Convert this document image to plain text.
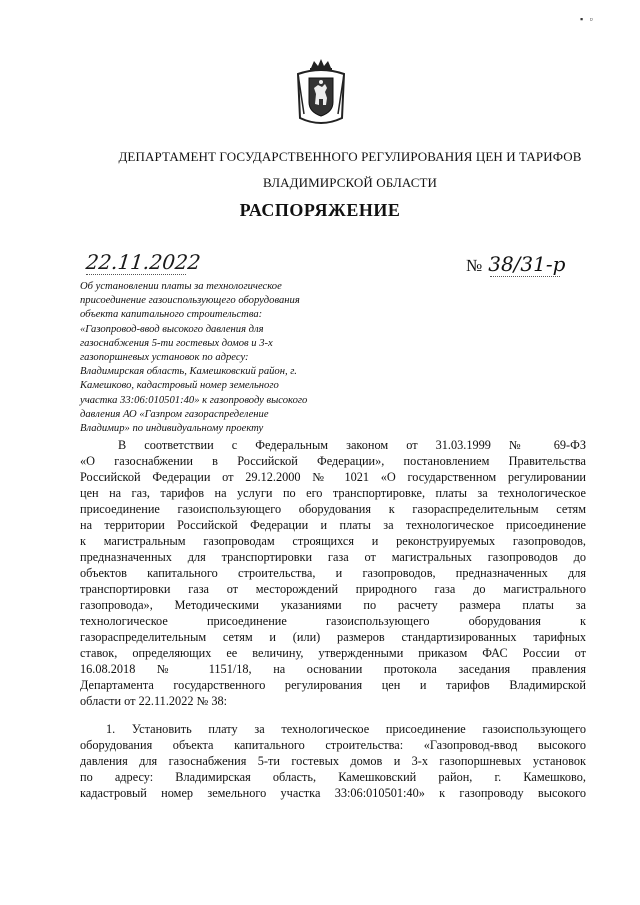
▪ ▫
ДЕПАРТАМЕНТ ГОСУДАРСТВЕННОГО РЕГУЛИРОВАНИЯ ЦЕН И ТАРИФОВ
ВЛАДИМИРСКОЙ ОБЛАСТИ
РАСПОРЯЖЕНИЕ
22.11.2022	№ 38/31-р
Об установлении платы за технологическое
присоединение газоиспользующего оборудования
объекта капитального строительства:
«Газопровод-ввод высокого давления для
газоснабжения 5-ти гостевых домов и 3-х
газопоршневых установок по адресу:
Владимирская область, Камешковский район, г.
Камешково, кадастровый номер земельного
участка 33:06:010501:40» к газопроводу высокого
давления АО «Газпром газораспределение
Владимир» по индивидуальному проекту
В соответствии с Федеральным законом от 31.03.1999 № 69-ФЗ
«О газоснабжении в Российской Федерации», постановлением Правительства
Российской Федерации от 29.12.2000 № 1021 «О государственном регулировании
цен на газ, тарифов на услуги по его транспортировке, платы за технологическое
присоединение газоиспользующего оборудования к газораспределительным сетям
на территории Российской Федерации и платы за технологическое присоединение
к магистральным газопроводам строящихся и реконструируемых газопроводов,
предназначенных для транспортировки газа от магистральных газопроводов до
объектов капитального строительства, и газопроводов, предназначенных для
транспортировки газа от месторождений природного газа до магистрального
газопровода», Методическими указаниями по расчету размера платы за
технологическое присоединение газоиспользующего оборудования к
газораспределительным сетям и (или) размеров стандартизированных тарифных
ставок, определяющих ее величину, утвержденными приказом ФАС России от
16.08.2018 № 1151/18, на основании протокола заседания правления
Департамента государственного регулирования цен и тарифов Владимирской
области от 22.11.2022 № 38:
1. Установить плату за технологическое присоединение газоиспользующего
оборудования объекта капитального строительства: «Газопровод-ввод высокого
давления для газоснабжения 5-ти гостевых домов и 3-х газопоршневых установок
по адресу: Владимирская область, Камешковский район, г. Камешково,
кадастровый номер земельного участка 33:06:010501:40» к газопроводу высокого
